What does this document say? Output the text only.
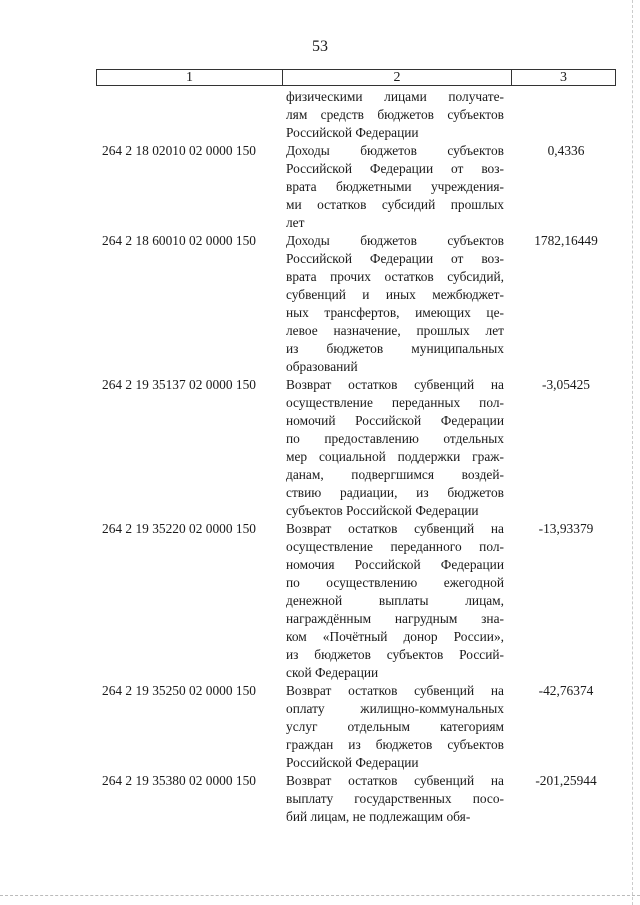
53
1	2	3
физическими лицами получате-
лям средств бюджетов субъектов
Российской Федерации
264 2 18 02010 02 0000 150	Доходы бюджетов субъектов
Российской Федерации от воз-
врата бюджетными учреждения-
ми остатков субсидий прошлых
лет
0,4336
264 2 18 60010 02 0000 150	Доходы бюджетов субъектов
Российской Федерации от воз-
врата прочих остатков субсидий,
субвенций и иных межбюджет-
ных трансфертов, имеющих це-
левое назначение, прошлых лет
из бюджетов муниципальных
образований
1782,16449
264 2 19 35137 02 0000 150	Возврат остатков субвенций на
осуществление переданных пол-
номочий Российской Федерации
по предоставлению отдельных
мер социальной поддержки граж-
данам, подвергшимся воздей-
ствию радиации, из бюджетов
субъектов Российской Федерации
-3,05425
264 2 19 35220 02 0000 150	Возврат остатков субвенций на
осуществление переданного пол-
номочия Российской Федерации
по осуществлению ежегодной
денежной выплаты лицам,
награждённым нагрудным зна-
ком «Почётный донор России»,
из бюджетов субъектов Россий-
ской Федерации
-13,93379
264 2 19 35250 02 0000 150	Возврат остатков субвенций на
оплату жилищно-коммунальных
услуг отдельным категориям
граждан из бюджетов субъектов
Российской Федерации
-42,76374
264 2 19 35380 02 0000 150	Возврат остатков субвенций на
выплату государственных посо-
бий лицам, не подлежащим обя-
-201,25944
